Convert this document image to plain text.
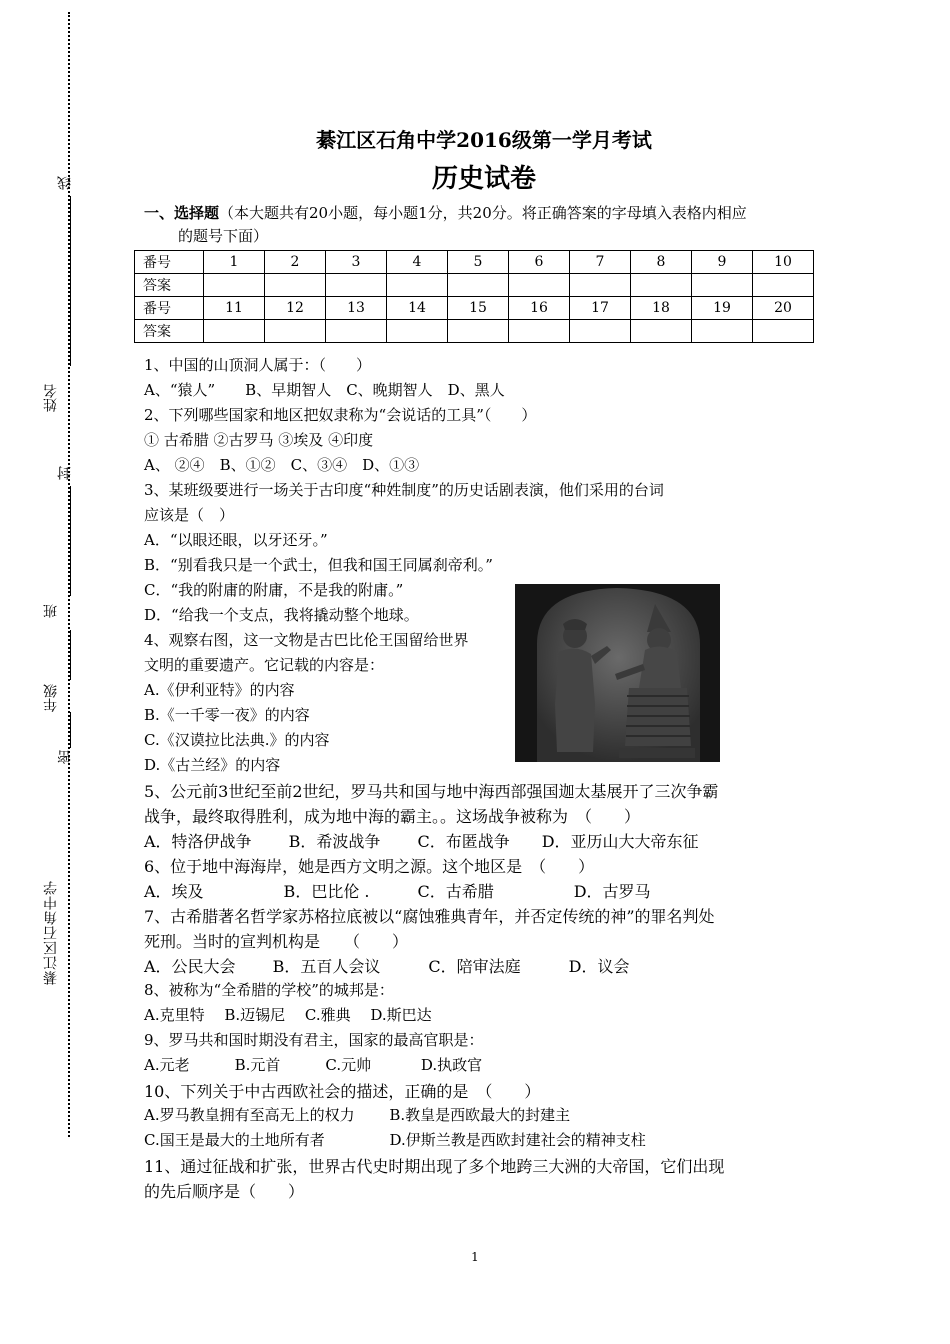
线
姓名
封
班
年级
密
綦江区石角中学
綦江区石角中学2016级第一学月考试
历史试卷
一、选择题（本大题共有20小题，每小题1分，共20分。将正确答案的字母填入表格内相应
的题号下面）
番号	1	2	3	4	5	6	7	8	9	10
答案										
番号	11	12	13	14	15	16	17	18	19	20
答案										
1、中国的山顶洞人属于：（　　）
A、“猿人”　　B、早期智人　C、晚期智人　D、黑人
2、下列哪些国家和地区把奴隶称为“会说话的工具”（　　）
① 古希腊 ②古罗马 ③埃及 ④印度
A、 ②④　B、①②　C、③④　D、①③
3、某班级要进行一场关于古印度“种姓制度”的历史话剧表演，他们采用的台词
应该是（　）
A．“以眼还眼，以牙还牙。”
B．“别看我只是一个武士，但我和国王同属刹帝利。”
C．“我的附庸的附庸，不是我的附庸。”
D．“给我一个支点，我将撬动整个地球。
4、观察右图，这一文物是古巴比伦王国留给世界
文明的重要遗产。它记载的内容是：
A.《伊利亚特》的内容
B.《一千零一夜》的内容
C.《汉谟拉比法典.》的内容
D.《古兰经》的内容
5、公元前3世纪至前2世纪，罗马共和国与地中海西部强国迦太基展开了三次争霸
战争，最终取得胜利，成为地中海的霸主。。这场战争被称为　（　　）
A．特洛伊战争　　 B．希波战争　 　C．布匿战争　　D．亚历山大大帝东征
6、位于地中海海岸，她是西方文明之源。这个地区是　（　　）
A．埃及　　　　　B．巴比伦 .　　　C．古希腊　　　　　D．古罗马
7、古希腊著名哲学家苏格拉底被以“腐蚀雅典青年，并否定传统的神”的罪名判处
死刑。当时的宣判机构是　　（　　）
A．公民大会　　 B．五百人会议　　　C．陪审法庭　　　D．议会
8、被称为“全希腊的学校”的城邦是：
A.克里特　 B.迈锡尼　 C.雅典　 D.斯巴达
9、罗马共和国时期没有君主，国家的最高官职是：
A.元老　　　B.元首　　　C.元帅　　　 D.执政官
10、下列关于中古西欧社会的描述，正确的是　（　　）
A.罗马教皇拥有至高无上的权力　　 B.教皇是西欧最大的封建主
C.国王是最大的土地所有者　　　　 D.伊斯兰教是西欧封建社会的精神支柱
11、通过征战和扩张，世界古代史时期出现了多个地跨三大洲的大帝国，它们出现
的先后顺序是（　　）
1
